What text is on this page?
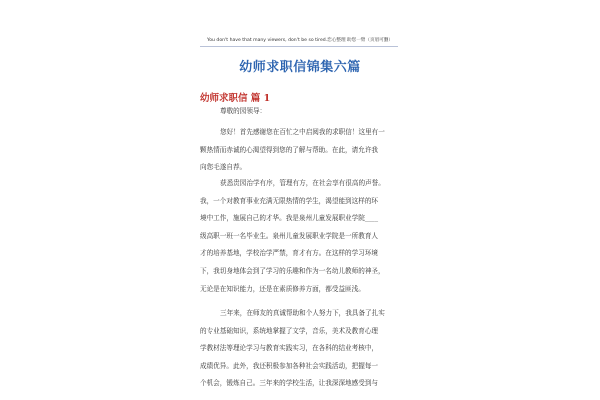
You don't have that many viewers, don't be so tired.恋心整理 助您一臂（页眉可删）
幼师求职信锦集六篇
幼师求职信 篇 1
尊敬的园领导：
您好！首先感谢您在百忙之中启阅我的求职信！这里有一
颗热情而赤诚的心渴望得到您的了解与帮助。在此，请允许我
向您毛遂自荐。
获悉贵园治学有序，管理有方，在社会享有很高的声誉。
我，一个对教育事业充满无限热情的学生，渴望能到这样的环
境中工作，施展自己的才华。我是泉州儿童发展职业学院____
级高职一班一名毕业生。泉州儿童发展职业学院是一所教育人
才的培养基地，学校治学严禁，育才有方。在这样的学习环境
下，我切身地体会到了学习的乐趣和作为一名幼儿教师的神圣，
无论是在知识能力，还是在素质修养方面，都受益匪浅。
三年来，在师友的真诚帮助和个人努力下，我具备了扎实
的专业基础知识，系统地掌握了文学，音乐，美术及教育心理
学教材法等理论学习与教育实践实习，在各科的结业考核中，
成绩优异。此外，我还积极参加各种社会实践活动，把握每一
个机会，锻炼自己。三年来的学校生活，让我深深地感受到与
